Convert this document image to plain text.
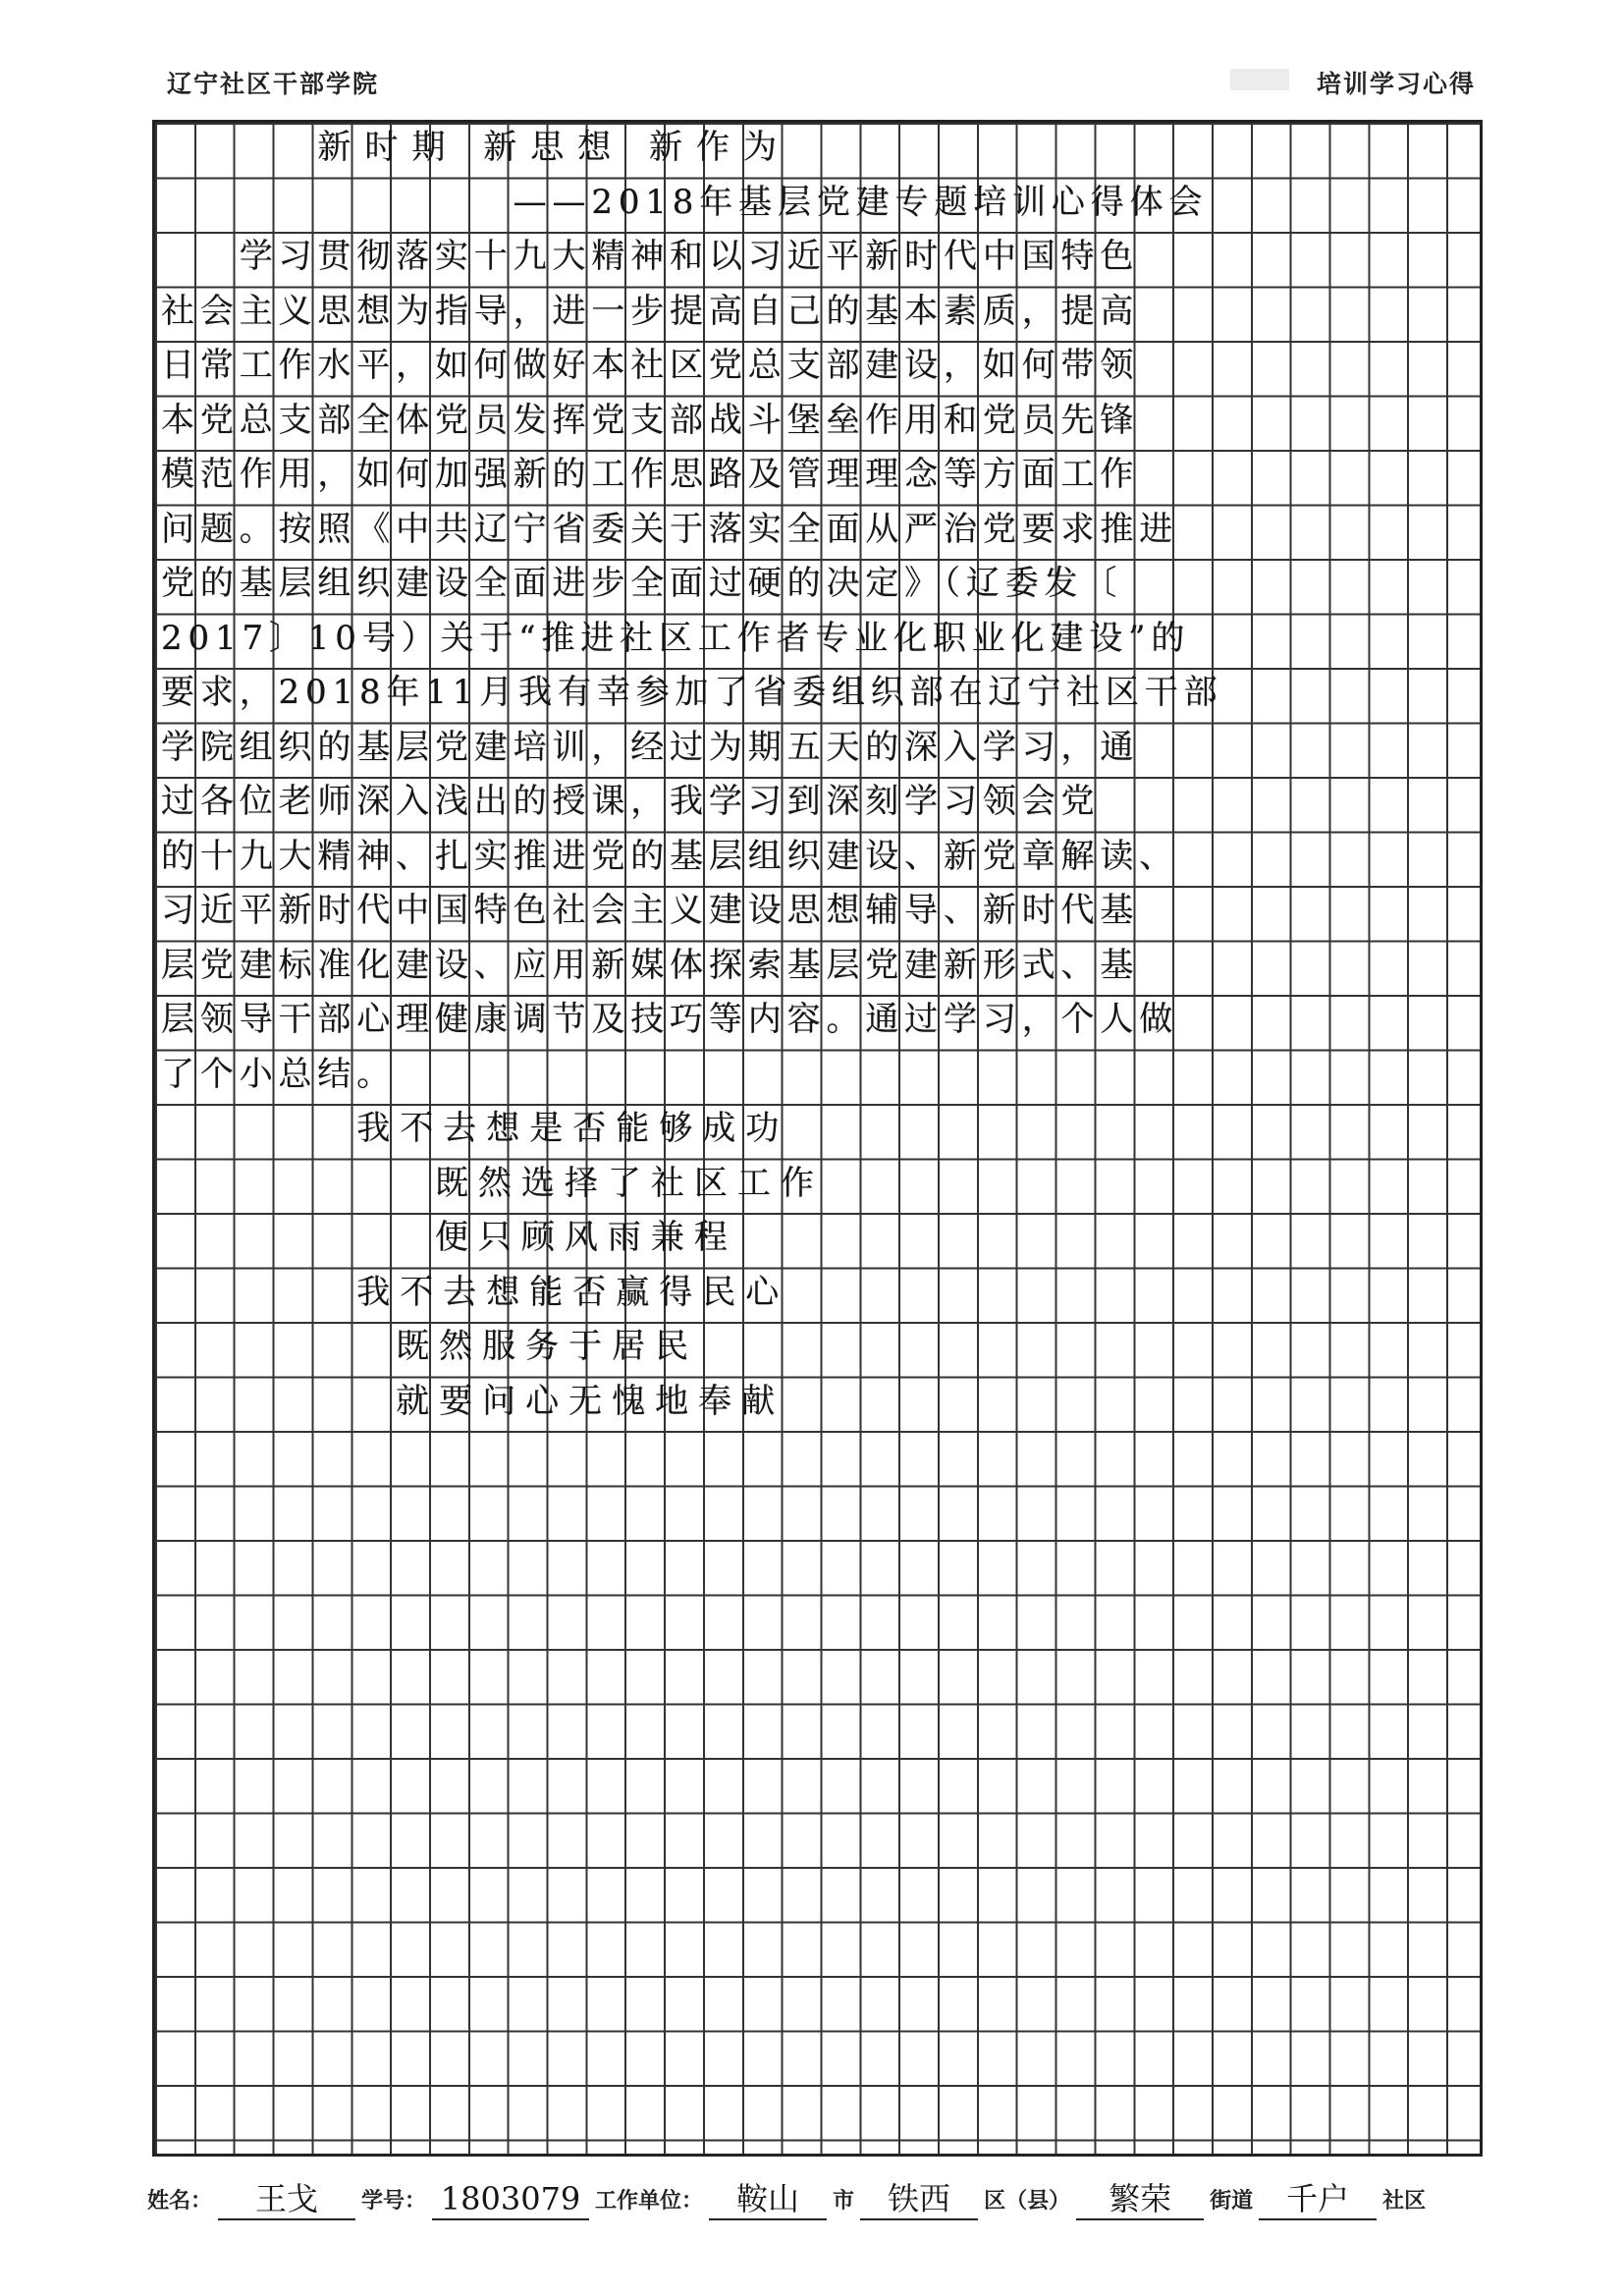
辽宁社区干部学院	培训学习心得
新时期 新思想 新作为
——2018年基层党建专题培训心得体会
学习贯彻落实十九大精神和以习近平新时代中国特色
社会主义思想为指导，进一步提高自己的基本素质，提高
日常工作水平，如何做好本社区党总支部建设，如何带领
本党总支部全体党员发挥党支部战斗堡垒作用和党员先锋
模范作用，如何加强新的工作思路及管理理念等方面工作
问题。按照《中共辽宁省委关于落实全面从严治党要求推进
党的基层组织建设全面进步全面过硬的决定》（辽委发〔
2017〕10号）关于“推进社区工作者专业化职业化建设”的
要求，2018年11月我有幸参加了省委组织部在辽宁社区干部
学院组织的基层党建培训，经过为期五天的深入学习，通
过各位老师深入浅出的授课，我学习到深刻学习领会党
的十九大精神、扎实推进党的基层组织建设、新党章解读、
习近平新时代中国特色社会主义建设思想辅导、新时代基
层党建标准化建设、应用新媒体探索基层党建新形式、基
层领导干部心理健康调节及技巧等内容。通过学习，个人做
了个小总结。
我不去想是否能够成功
既然选择了社区工作
便只顾风雨兼程
我不去想能否赢得民心
既然服务于居民
就要问心无愧地奉献
姓名：	王戈	学号： 1803079 工作单位：	鞍山	市	铁西	区（县）	繁荣	街道	千户	社区
